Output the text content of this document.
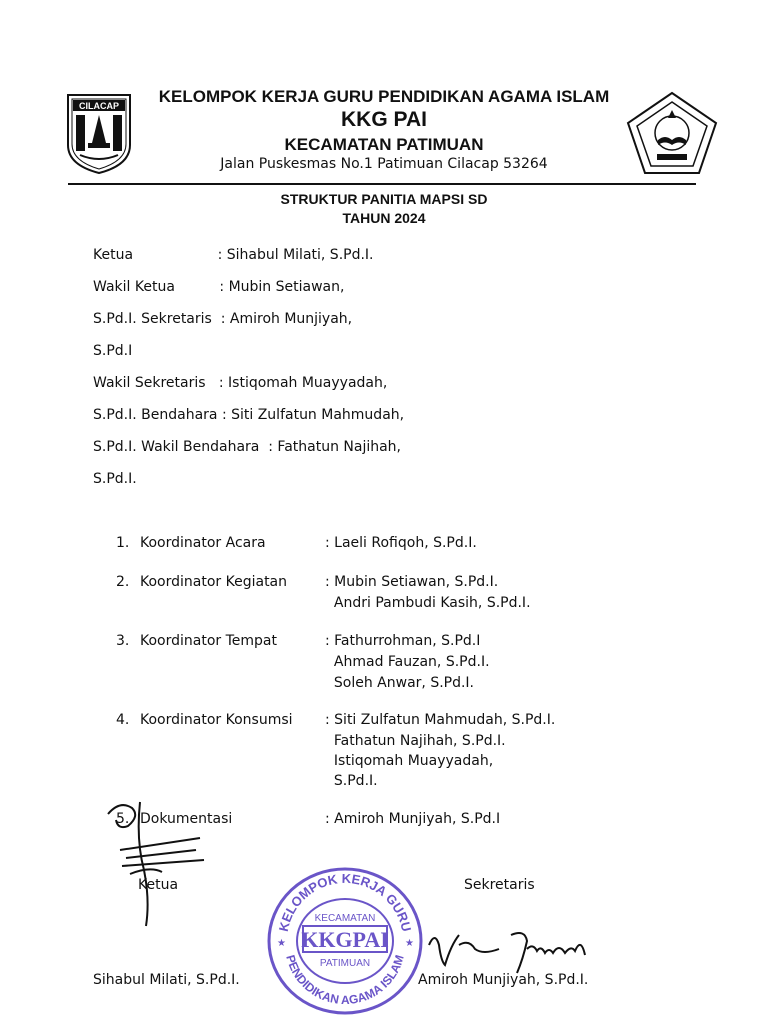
CILACAP	KELOMPOK KERJA GURU PENDIDIKAN AGAMA ISLAM
KKG PAI
KECAMATAN PATIMUAN
Jalan Puskesmas No.1 Patimuan Cilacap 53264
STRUKTUR PANITIA MAPSI SD
TAHUN 2024
Ketua                   : Sihabul Milati, S.Pd.I.
Wakil Ketua          : Mubin Setiawan,
S.Pd.I. Sekretaris  : Amiroh Munjiyah,
S.Pd.I
Wakil Sekretaris   : Istiqomah Muayyadah,
S.Pd.I. Bendahara : Siti Zulfatun Mahmudah,
S.Pd.I. Wakil Bendahara  : Fathatun Najihah,
S.Pd.I.
1. Koordinator Acara	: Laeli Rofiqoh, S.Pd.I.
2. Koordinator Kegiatan	: Mubin Setiawan, S.Pd.I.
Andri Pambudi Kasih, S.Pd.I.
3. Koordinator Tempat	: Fathurrohman, S.Pd.I
Ahmad Fauzan, S.Pd.I.
Soleh Anwar, S.Pd.I.
4. Koordinator Konsumsi : Siti Zulfatun Mahmudah, S.Pd.I.
Fathatun Najihah, S.Pd.I.
Istiqomah Muayyadah,
S.Pd.I.
5. Dokumentasi	: Amiroh Munjiyah, S.Pd.I
Ketua	Sekretaris
Sihabul Milati, S.Pd.I.	Amiroh Munjiyah, S.Pd.I.
KELOMPOK KERJA GURU
PENDIDIKAN AGAMA ISLAM
KECAMATAN
KKGPAI
PATIMUAN
★	★
